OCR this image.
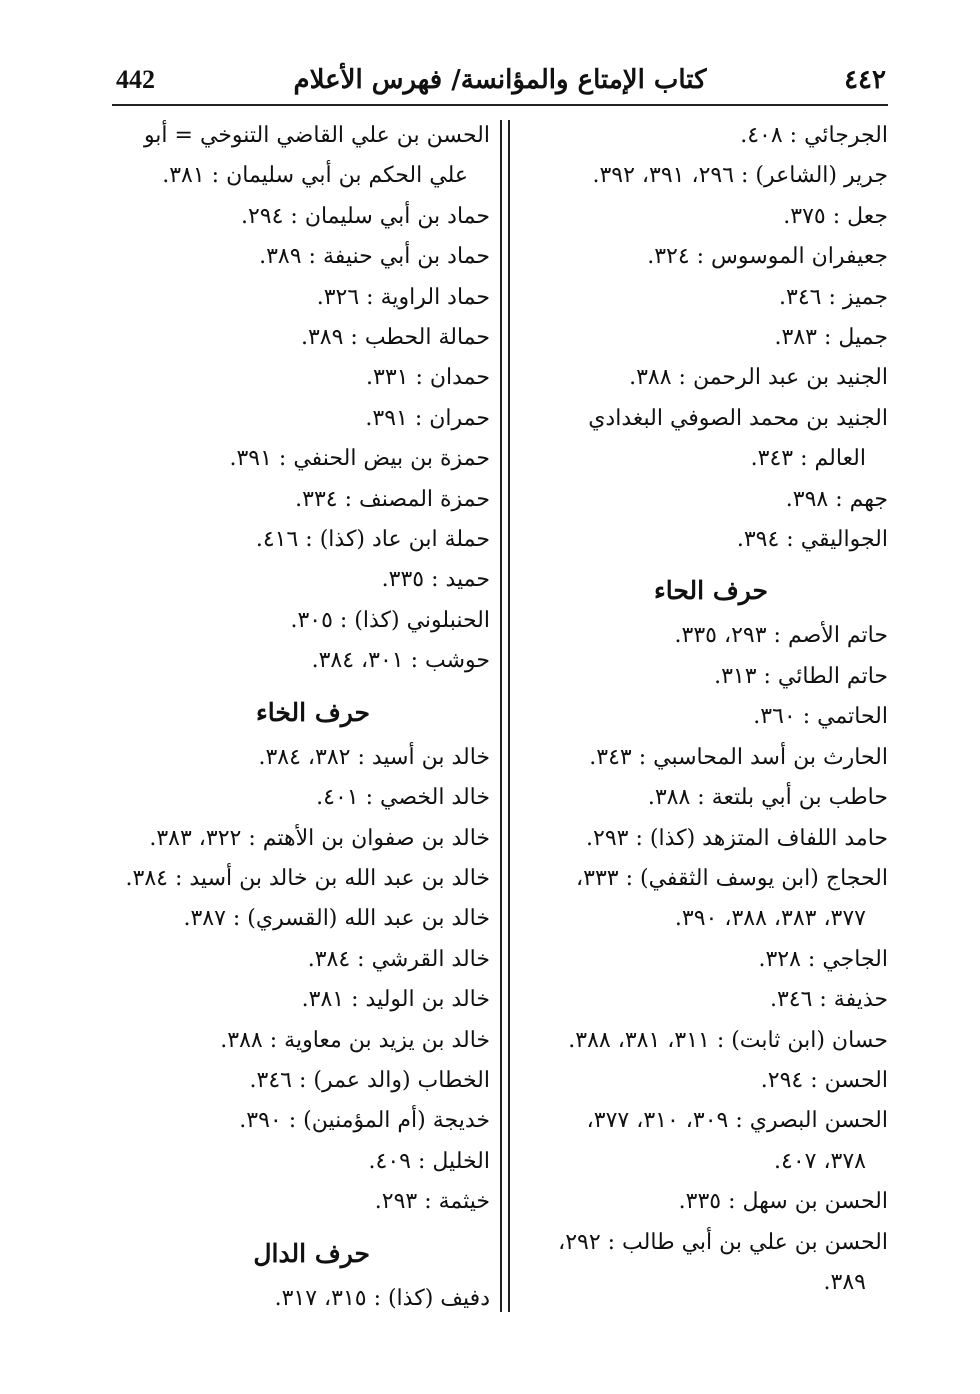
٤٤٢
كتاب الإمتاع والمؤانسة/ فهرس الأعلام
442
الجرجائي : ٤٠٨.
جرير (الشاعر) : ٢٩٦، ٣٩١، ٣٩٢.
جعل : ٣٧٥.
جعيفران الموسوس : ٣٢٤.
جميز : ٣٤٦.
جميل : ٣٨٣.
الجنيد بن عبد الرحمن : ٣٨٨.
الجنيد بن محمد الصوفي البغدادي
العالم : ٣٤٣.
جهم : ٣٩٨.
الجواليقي : ٣٩٤.
حرف الحاء
حاتم الأصم : ٢٩٣، ٣٣٥.
حاتم الطائي : ٣١٣.
الحاتمي : ٣٦٠.
الحارث بن أسد المحاسبي : ٣٤٣.
حاطب بن أبي بلتعة : ٣٨٨.
حامد اللفاف المتزهد (كذا) : ٢٩٣.
الحجاج (ابن يوسف الثقفي) : ٣٣٣،
٣٧٧، ٣٨٣، ٣٨٨، ٣٩٠.
الجاجي : ٣٢٨.
حذيفة : ٣٤٦.
حسان (ابن ثابت) : ٣١١، ٣٨١، ٣٨٨.
الحسن : ٢٩٤.
الحسن البصري : ٣٠٩، ٣١٠، ٣٧٧،
٣٧٨، ٤٠٧.
الحسن بن سهل : ٣٣٥.
الحسن بن علي بن أبي طالب : ٢٩٢،
٣٨٩.
الحسن بن علي القاضي التنوخي = أبو
علي الحكم بن أبي سليمان : ٣٨١.
حماد بن أبي سليمان : ٢٩٤.
حماد بن أبي حنيفة : ٣٨٩.
حماد الراوية : ٣٢٦.
حمالة الحطب : ٣٨٩.
حمدان : ٣٣١.
حمران : ٣٩١.
حمزة بن بيض الحنفي : ٣٩١.
حمزة المصنف : ٣٣٤.
حملة ابن عاد (كذا) : ٤١٦.
حميد : ٣٣٥.
الحنبلوني (كذا) : ٣٠٥.
حوشب : ٣٠١، ٣٨٤.
حرف الخاء
خالد بن أسيد : ٣٨٢، ٣٨٤.
خالد الخصي : ٤٠١.
خالد بن صفوان بن الأهتم : ٣٢٢، ٣٨٣.
خالد بن عبد الله بن خالد بن أسيد : ٣٨٤.
خالد بن عبد الله (القسري) : ٣٨٧.
خالد القرشي : ٣٨٤.
خالد بن الوليد : ٣٨١.
خالد بن يزيد بن معاوية : ٣٨٨.
الخطاب (والد عمر) : ٣٤٦.
خديجة (أم المؤمنين) : ٣٩٠.
الخليل : ٤٠٩.
خيثمة : ٢٩٣.
حرف الدال
دفيف (كذا) : ٣١٥، ٣١٧.
